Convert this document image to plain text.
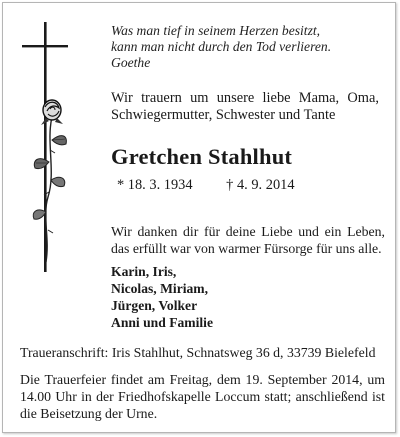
Was man tief in seinem Herzen besitzt,
kann man nicht durch den Tod verlieren.
Goethe
Wir trauern um unsere liebe Mama, Oma,
Schwiegermutter, Schwester und Tante
Gretchen Stahlhut
* 18. 3. 1934 † 4. 9. 2014
Wir danken dir für deine Liebe und ein Leben,
das erfüllt war von warmer Fürsorge für uns alle.
Karin, Iris,
Nicolas, Miriam,
Jürgen, Volker
Anni und Familie
Traueranschrift: Iris Stahlhut, Schnatsweg 36 d, 33739 Bielefeld
Die Trauerfeier findet am Freitag, dem 19. September 2014, um
14.00 Uhr in der Friedhofskapelle Loccum statt; anschließend ist
die Beisetzung der Urne.
